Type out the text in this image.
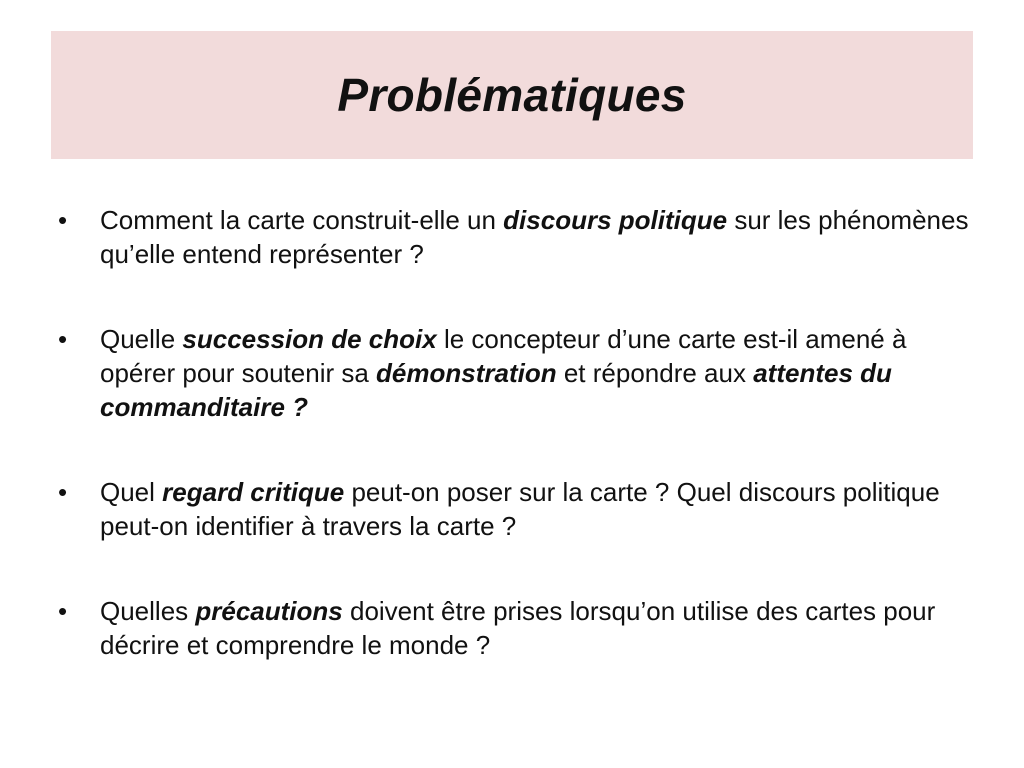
Problématiques
•	Comment la carte construit-elle un discours politique sur les phénomènes qu’elle entend représenter ?
•	Quelle succession de choix le concepteur d’une carte est-il amené à opérer pour soutenir sa démonstration et répondre aux attentes du commanditaire ?
•	Quel regard critique peut-on poser sur la carte ? Quel discours politique peut-on identifier à travers la carte ?
•	Quelles précautions doivent être prises lorsqu’on utilise des cartes pour décrire et comprendre le monde ?
